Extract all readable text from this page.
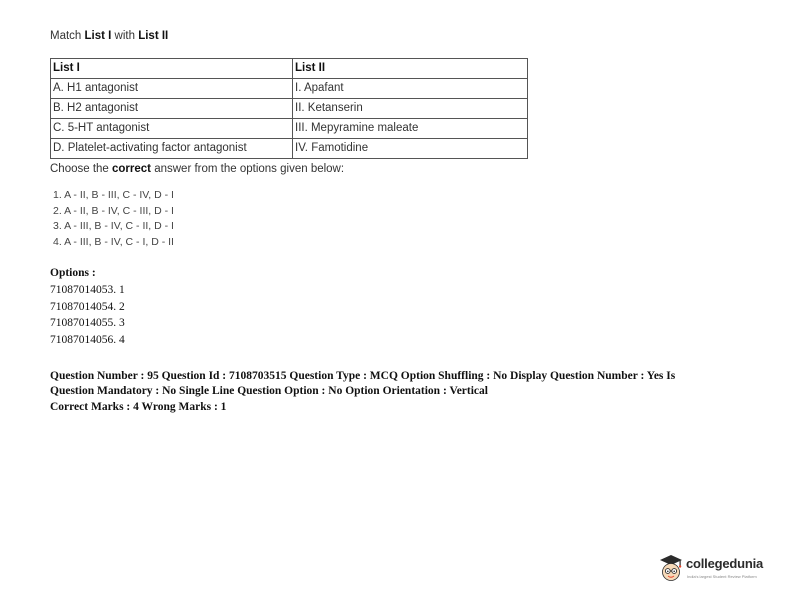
Match List I with List II
List I	List II
A. H1 antagonist	I. Apafant
B. H2 antagonist	II. Ketanserin
C. 5-HT antagonist	III. Mepyramine maleate
D. Platelet-activating factor antagonist	IV. Famotidine
Choose the correct answer from the options given below:
1. A - II, B - III, C - IV, D - I
2. A - II, B - IV, C - III, D - I
3. A - III, B - IV, C - II, D - I
4. A - III, B - IV, C - I, D - II
Options :
71087014053. 1
71087014054. 2
71087014055. 3
71087014056. 4
Question Number : 95 Question Id : 7108703515 Question Type : MCQ Option Shuffling : No Display Question Number : Yes Is
Question Mandatory : No Single Line Question Option : No Option Orientation : Vertical
Correct Marks : 4 Wrong Marks : 1
collegedunia
India's largest Student Review Platform
